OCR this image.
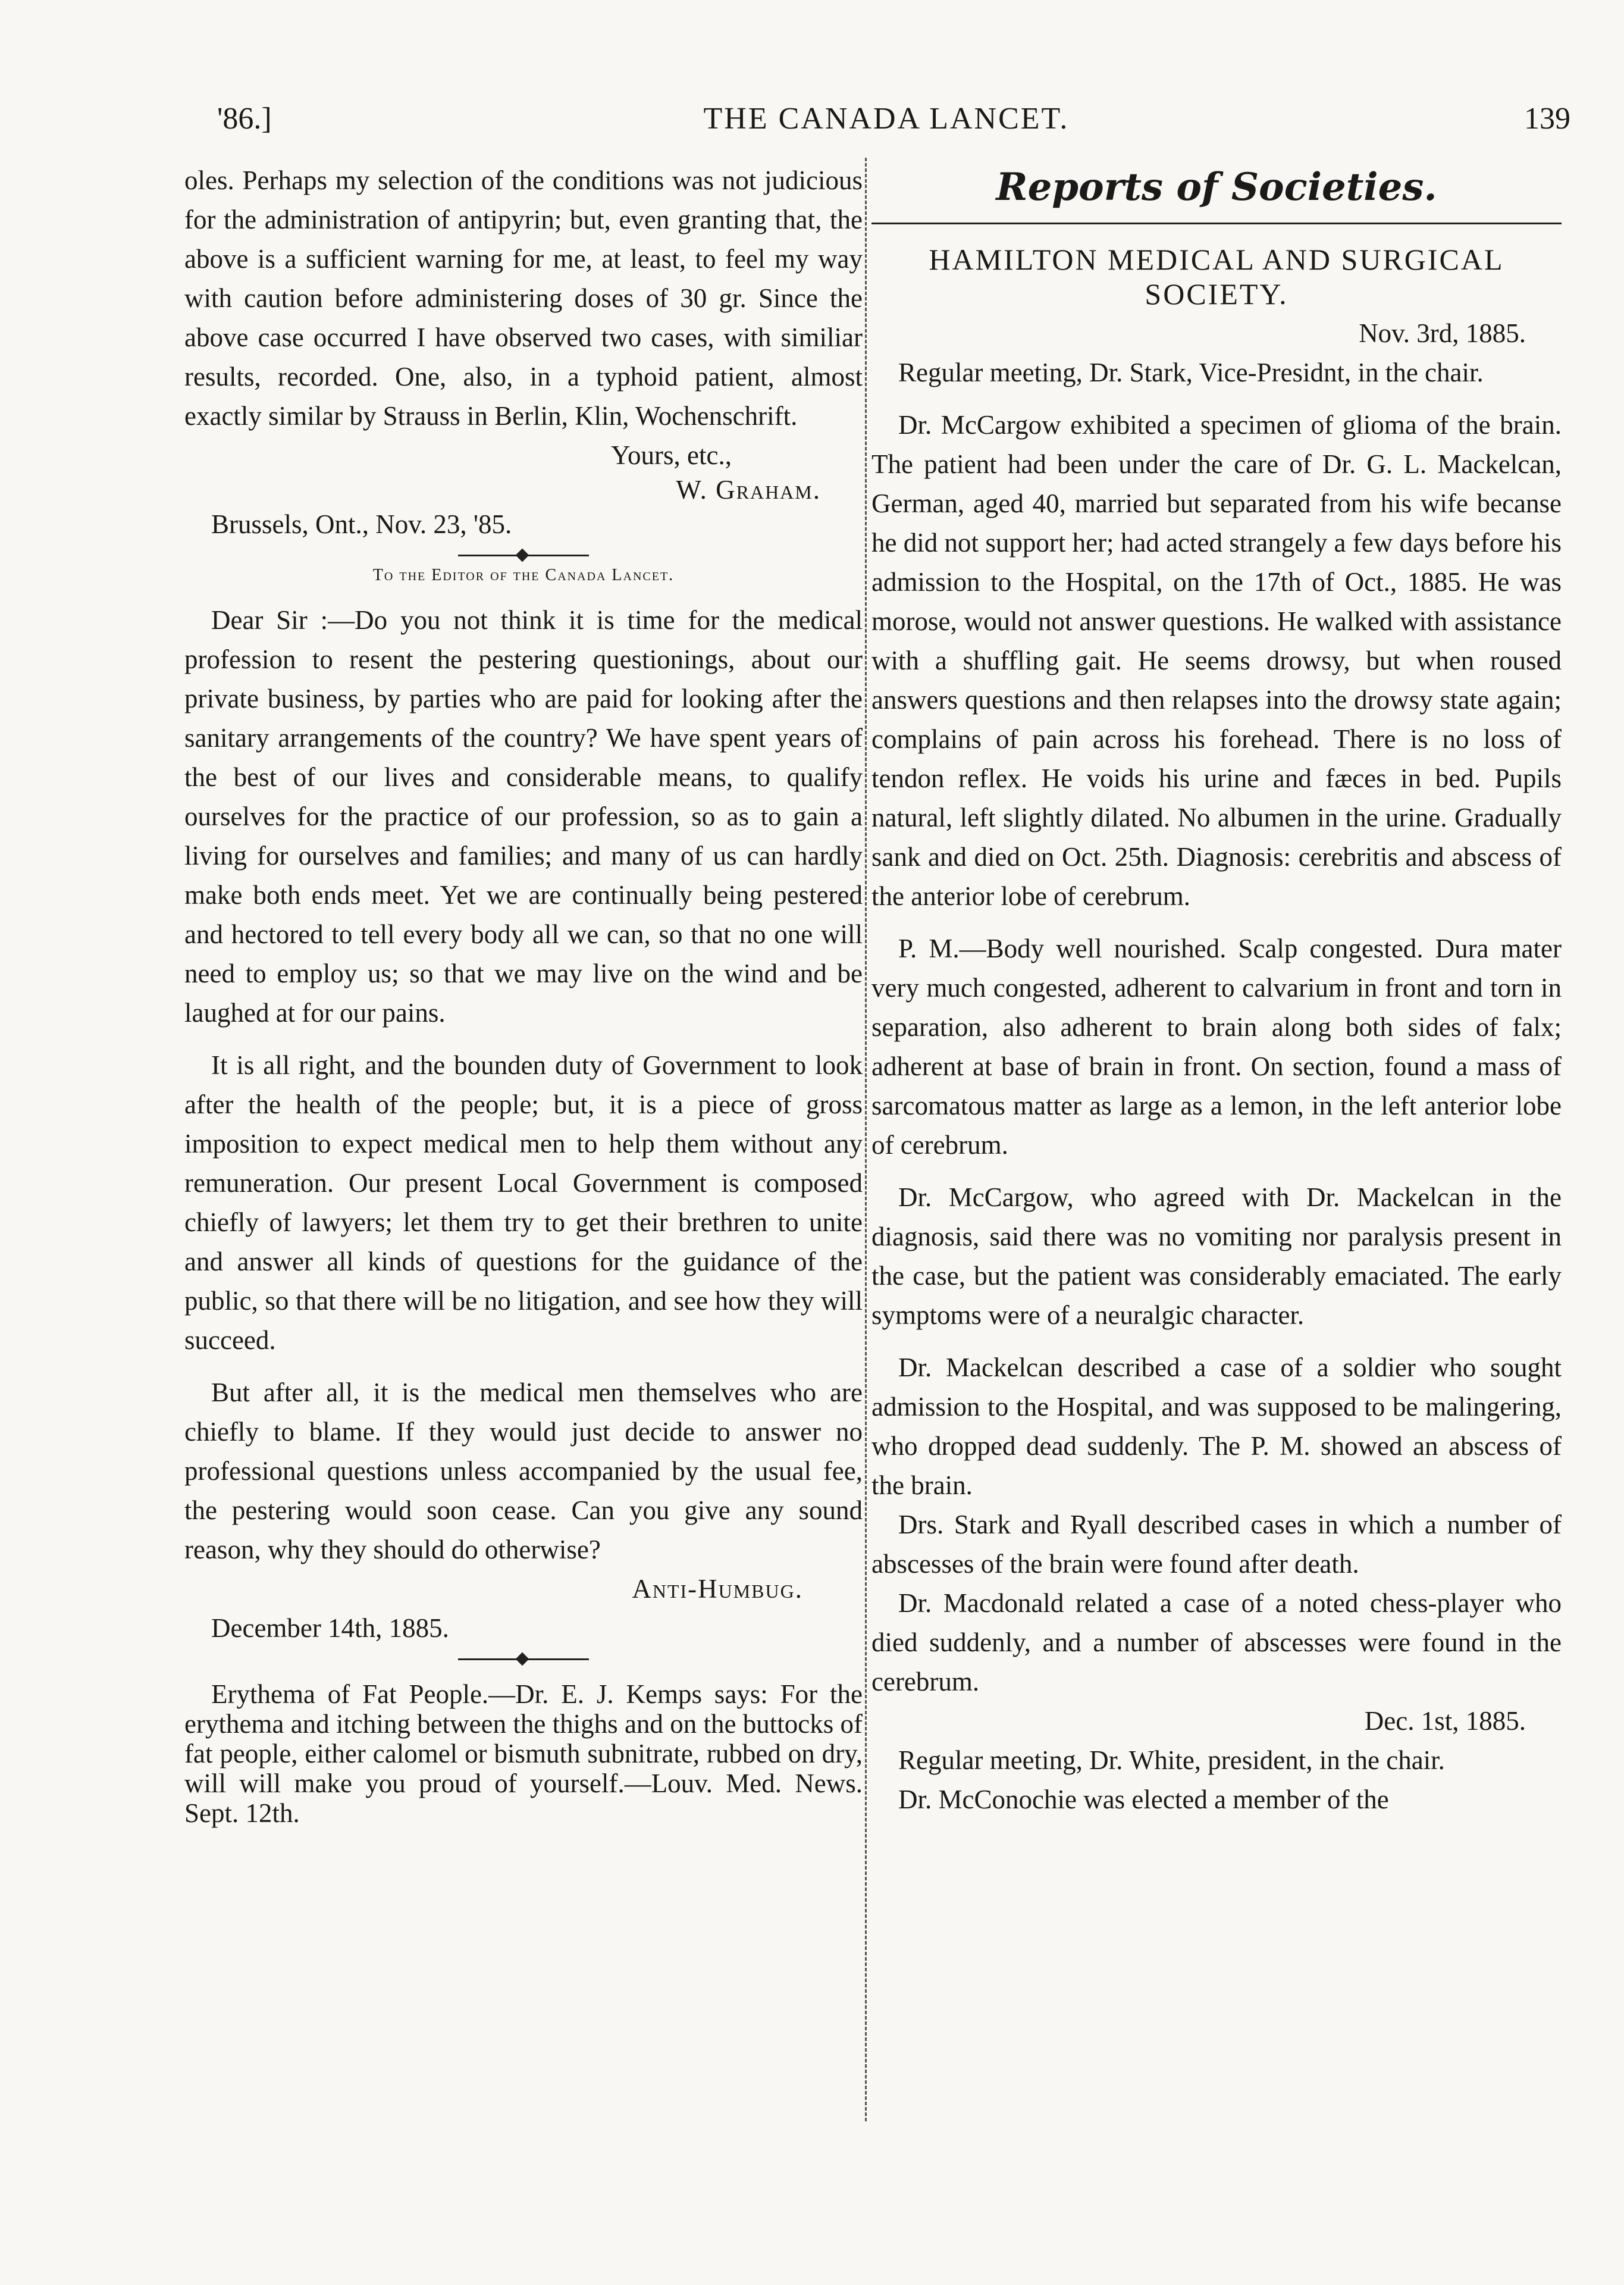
'86.]	THE CANADA LANCET.	139

oles. Perhaps my selection of the conditions was not judicious for the administration of antipyrin; but, even granting that, the above is a sufficient warning for me, at least, to feel my way with caution before administering doses of 30 gr. Since the above case occurred I have observed two cases, with similiar results, recorded. One, also, in a typhoid patient, almost exactly similar by Strauss in Berlin, Klin, Wochenschrift.

Yours, etc.,

W. Graham.

Brussels, Ont., Nov. 23, '85.

To the Editor of the Canada Lancet.

Dear Sir :—Do you not think it is time for the medical profession to resent the pestering questionings, about our private business, by parties who are paid for looking after the sanitary arrangements of the country? We have spent years of the best of our lives and considerable means, to qualify ourselves for the practice of our profession, so as to gain a living for ourselves and families; and many of us can hardly make both ends meet. Yet we are continually being pestered and hectored to tell every body all we can, so that no one will need to employ us; so that we may live on the wind and be laughed at for our pains.

It is all right, and the bounden duty of Government to look after the health of the people; but, it is a piece of gross imposition to expect medical men to help them without any remuneration. Our present Local Government is composed chiefly of lawyers; let them try to get their brethren to unite and answer all kinds of questions for the guidance of the public, so that there will be no litigation, and see how they will succeed.

But after all, it is the medical men themselves who are chiefly to blame. If they would just decide to answer no professional questions unless accompanied by the usual fee, the pestering would soon cease. Can you give any sound reason, why they should do otherwise?

Anti-Humbug.

December 14th, 1885.

Erythema of Fat People.—Dr. E. J. Kemps says: For the erythema and itching between the thighs and on the buttocks of fat people, either calomel or bismuth subnitrate, rubbed on dry, will will make you proud of yourself.—Louv. Med. News. Sept. 12th.

Reports of Societies.
HAMILTON MEDICAL AND SURGICAL SOCIETY.

Nov. 3rd, 1885.

Regular meeting, Dr. Stark, Vice-Presidnt, in the chair.

Dr. McCargow exhibited a specimen of glioma of the brain. The patient had been under the care of Dr. G. L. Mackelcan, German, aged 40, married but separated from his wife becanse he did not support her; had acted strangely a few days before his admission to the Hospital, on the 17th of Oct., 1885. He was morose, would not answer questions. He walked with assistance with a shuffling gait. He seems drowsy, but when roused answers questions and then relapses into the drowsy state again; complains of pain across his forehead. There is no loss of tendon reflex. He voids his urine and fæces in bed. Pupils natural, left slightly dilated. No albumen in the urine. Gradually sank and died on Oct. 25th. Diagnosis: cerebritis and abscess of the anterior lobe of cerebrum.

P. M.—Body well nourished. Scalp congested. Dura mater very much congested, adherent to calvarium in front and torn in separation, also adherent to brain along both sides of falx; adherent at base of brain in front. On section, found a mass of sarcomatous matter as large as a lemon, in the left anterior lobe of cerebrum.

Dr. McCargow, who agreed with Dr. Mackelcan in the diagnosis, said there was no vomiting nor paralysis present in the case, but the patient was considerably emaciated. The early symptoms were of a neuralgic character.

Dr. Mackelcan described a case of a soldier who sought admission to the Hospital, and was supposed to be malingering, who dropped dead suddenly. The P. M. showed an abscess of the brain.

Drs. Stark and Ryall described cases in which a number of abscesses of the brain were found after death.

Dr. Macdonald related a case of a noted chess-player who died suddenly, and a number of abscesses were found in the cerebrum.

Dec. 1st, 1885.

Regular meeting, Dr. White, president, in the chair.

Dr. McConochie was elected a member of the
